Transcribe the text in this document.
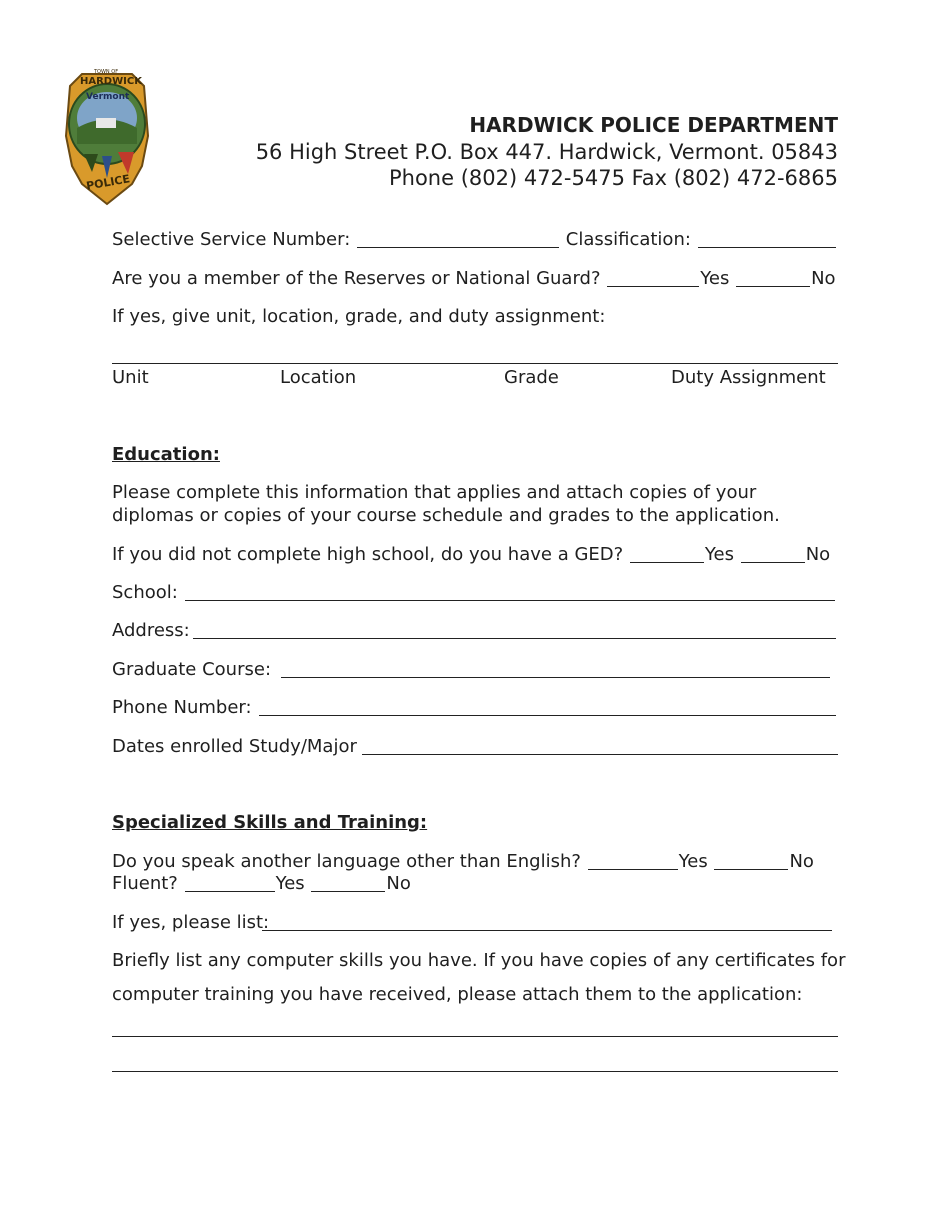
TOWN OF
HARDWICK
Vermont
POLICE
HARDWICK POLICE DEPARTMENT
56 High Street P.O. Box 447. Hardwick, Vermont. 05843
Phone (802) 472-5475 Fax (802) 472-6865
Selective Service Number:	Classification:
Are you a member of the Reserves or National Guard?	Yes	No
If yes, give unit, location, grade, and duty assignment:
Unit	Location	Grade	Duty Assignment
Education:
Please complete this information that applies and attach copies of your
diplomas or copies of your course schedule and grades to the application.
If you did not complete high school, do you have a GED?	Yes	No
School:
Address:
Graduate Course:
Phone Number:
Dates enrolled Study/Major
Specialized Skills and Training:
Do you speak another language other than English?	Yes	No
Fluent?	Yes	No
If yes, please list:
Briefly list any computer skills you have. If you have copies of any certificates for
computer training you have received, please attach them to the application:
